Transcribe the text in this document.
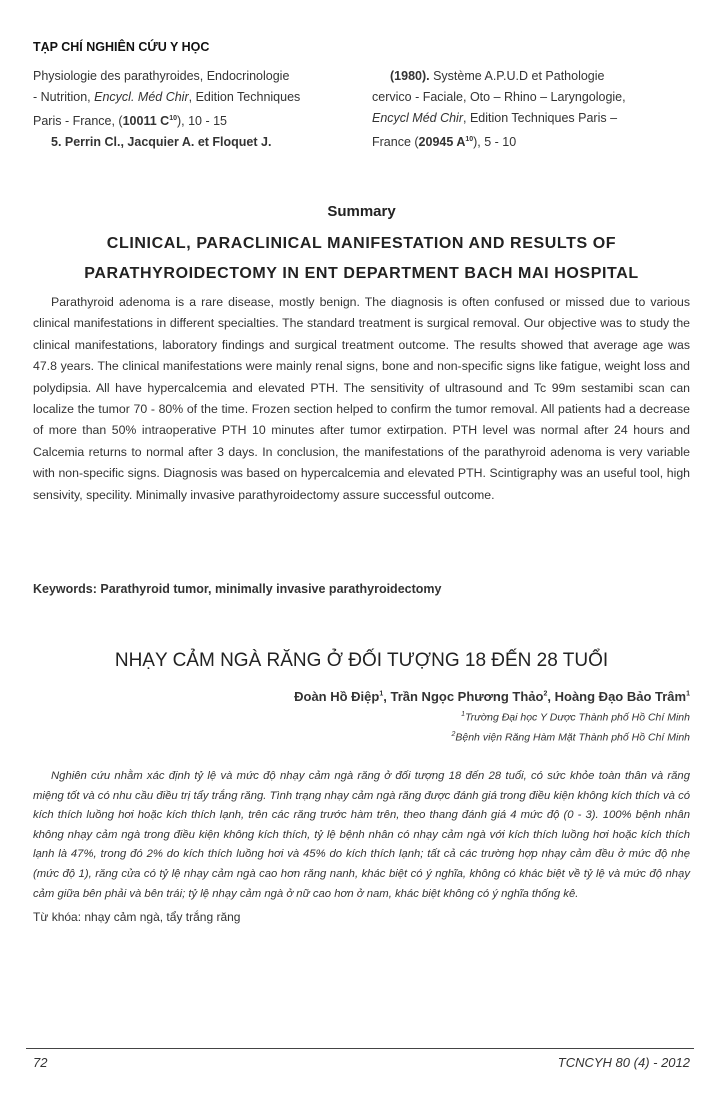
TẠP CHÍ NGHIÊN CỨU Y HỌC
Physiologie des parathyroides, Endocrinologie
- Nutrition, Encycl. Méd Chir, Edition Techniques
Paris - France, (10011 $C^{10}$), 10 - 15
5. Perrin Cl., Jacquier A. et Floquet J.
(1980). Système A.P.U.D et Pathologie
cervico - Faciale, Oto – Rhino – Laryngologie,
Encycl Méd Chir, Edition Techniques Paris –
France (20945 $A^{10}$), 5 - 10
Summary
CLINICAL, PARACLINICAL MANIFESTATION AND RESULTS OF
PARATHYROIDECTOMY IN ENT DEPARTMENT BACH MAI HOSPITAL
Parathyroid adenoma is a rare disease, mostly benign. The diagnosis is often confused or missed due to various clinical manifestations in different specialties. The standard treatment is surgical removal. Our objective was to study the clinical manifestations, laboratory findings and surgical treatment outcome. The results showed that average age was 47.8 years. The clinical manifestations were mainly renal signs, bone and non-specific signs like fatigue, weight loss and polydipsia. All have hypercalcemia and elevated PTH. The sensitivity of ultrasound and Tc 99m sestamibi scan can localize the tumor 70 - 80% of the time. Frozen section helped to confirm the tumor removal. All patients had a decrease of more than 50% intraoperative PTH 10 minutes after tumor extirpation. PTH level was normal after 24 hours and Calcemia returns to normal after 3 days. In conclusion, the manifestations of the parathyroid adenoma is very variable with non-specific signs. Diagnosis was based on hypercalcemia and elevated PTH. Scintigraphy was an useful tool, high sensivity, specility. Minimally invasive parathyroidectomy assure successful outcome.
Keywords: Parathyroid tumor, minimally invasive parathyroidectomy
NHẠY CẢM NGÀ RĂNG Ở ĐỐI TƯỢNG 18 ĐẾN 28 TUỔI
Đoàn Hồ Điệp$^1$, Trần Ngọc Phương Thảo$^2$, Hoàng Đạo Bảo Trâm$^1$
$^1$Trường Đại học Y Dược Thành phố Hồ Chí Minh
$^2$Bệnh viện Răng Hàm Mặt Thành phố Hồ Chí Minh
Nghiên cứu nhằm xác định tỷ lệ và mức độ nhạy cảm ngà răng ở đối tượng 18 đến 28 tuổi, có sức khỏe toàn thân và răng miệng tốt và có nhu cầu điều trị tẩy trắng răng. Tình trạng nhạy cảm ngà răng được đánh giá trong điều kiện không kích thích và có kích thích luồng hơi hoặc kích thích lạnh, trên các răng trước hàm trên, theo thang đánh giá 4 mức độ (0 - 3). 100% bệnh nhân không nhạy cảm ngà trong điều kiện không kích thích, tỷ lệ bệnh nhân có nhạy cảm ngà với kích thích luồng hơi hoặc kích thích lạnh là 47%, trong đó 2% do kích thích luồng hơi và 45% do kích thích lạnh; tất cả các trường hợp nhạy cảm đều ở mức độ nhẹ (mức độ 1), răng cửa có tỷ lệ nhạy cảm ngà cao hơn răng nanh, khác biệt có ý nghĩa, không có khác biệt về tỷ lệ và mức độ nhạy cảm giữa bên phải và bên trái; tỷ lệ nhạy cảm ngà ở nữ cao hơn ở nam, khác biệt không có ý nghĩa thống kê.
Từ khóa: nhạy cảm ngà, tẩy trắng răng
72	TCNCYH 80 (4) - 2012
